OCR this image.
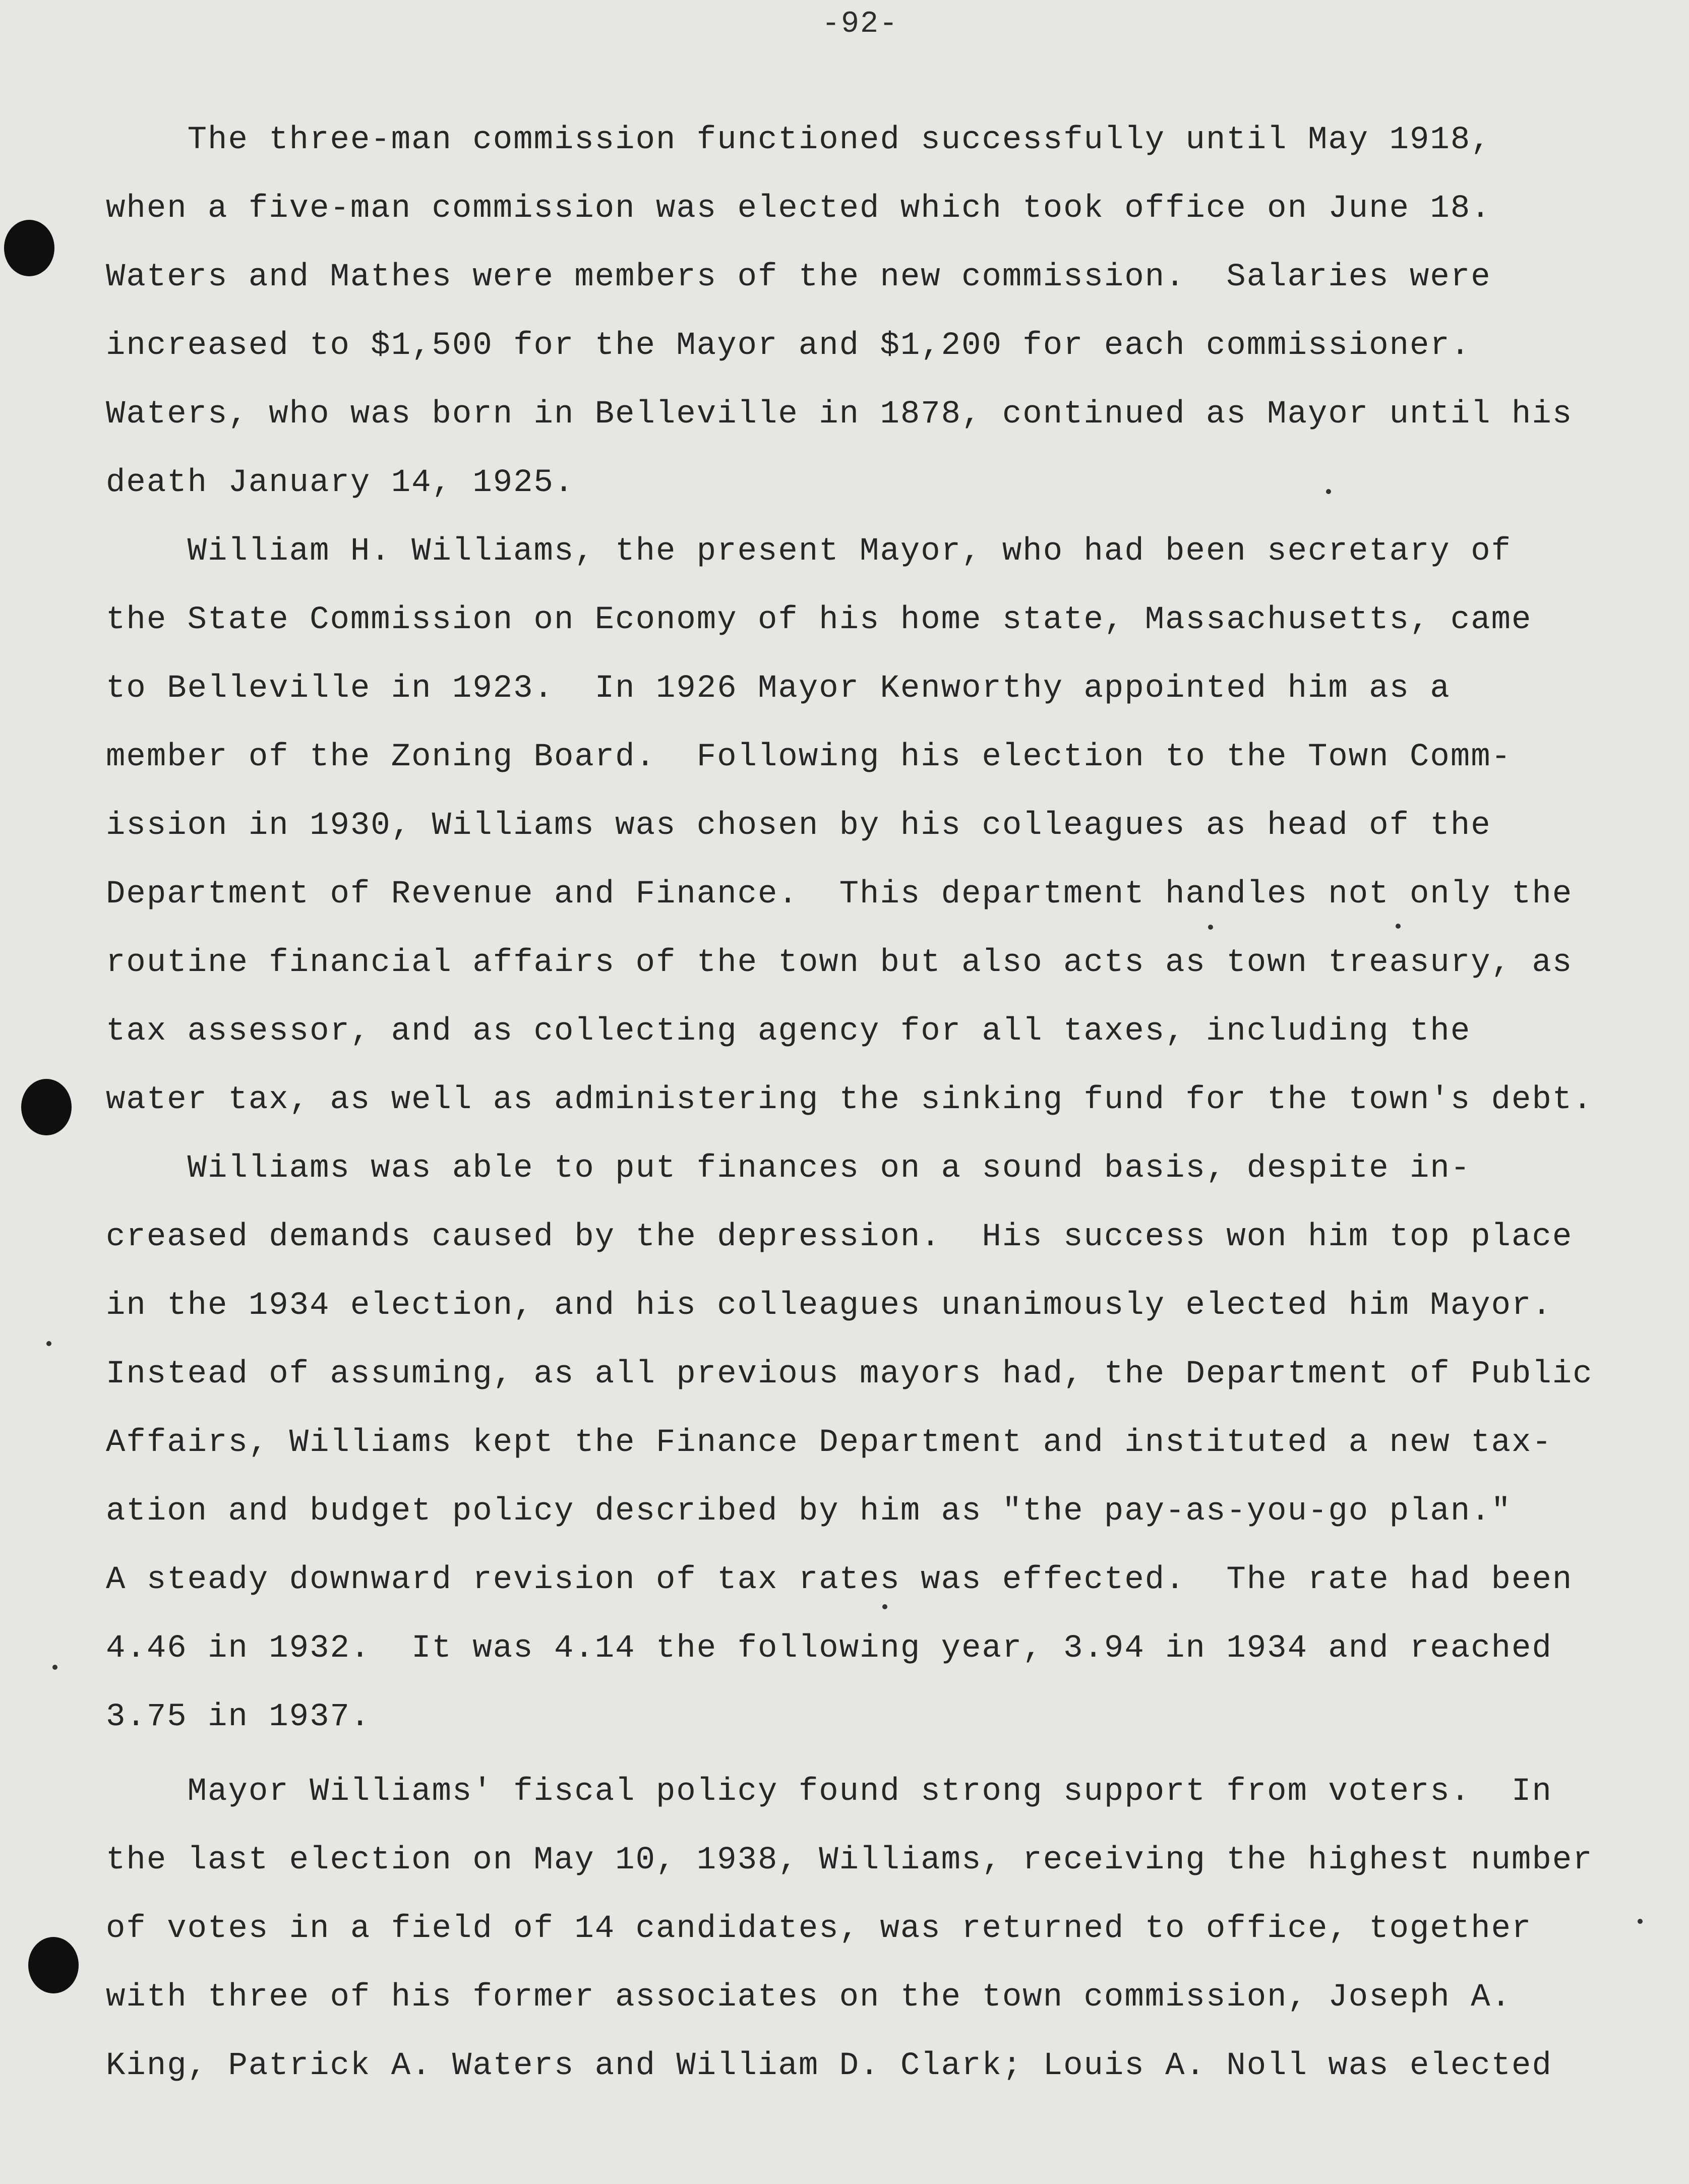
-92-
The three-man commission functioned successfully until May 1918,
when a five-man commission was elected which took office on June 18.
Waters and Mathes were members of the new commission.  Salaries were
increased to $1,500 for the Mayor and $1,200 for each commissioner.
Waters, who was born in Belleville in 1878, continued as Mayor until his
death January 14, 1925.
William H. Williams, the present Mayor, who had been secretary of
the State Commission on Economy of his home state, Massachusetts, came
to Belleville in 1923.  In 1926 Mayor Kenworthy appointed him as a
member of the Zoning Board.  Following his election to the Town Comm-
ission in 1930, Williams was chosen by his colleagues as head of the
Department of Revenue and Finance.  This department handles not only the
routine financial affairs of the town but also acts as town treasury, as
tax assessor, and as collecting agency for all taxes, including the
water tax, as well as administering the sinking fund for the town's debt.
Williams was able to put finances on a sound basis, despite in-
creased demands caused by the depression.  His success won him top place
in the 1934 election, and his colleagues unanimously elected him Mayor.
Instead of assuming, as all previous mayors had, the Department of Public
Affairs, Williams kept the Finance Department and instituted a new tax-
ation and budget policy described by him as "the pay-as-you-go plan."
A steady downward revision of tax rates was effected.  The rate had been
4.46 in 1932.  It was 4.14 the following year, 3.94 in 1934 and reached
3.75 in 1937.
Mayor Williams' fiscal policy found strong support from voters.  In
the last election on May 10, 1938, Williams, receiving the highest number
of votes in a field of 14 candidates, was returned to office, together
with three of his former associates on the town commission, Joseph A.
King, Patrick A. Waters and William D. Clark; Louis A. Noll was elected
